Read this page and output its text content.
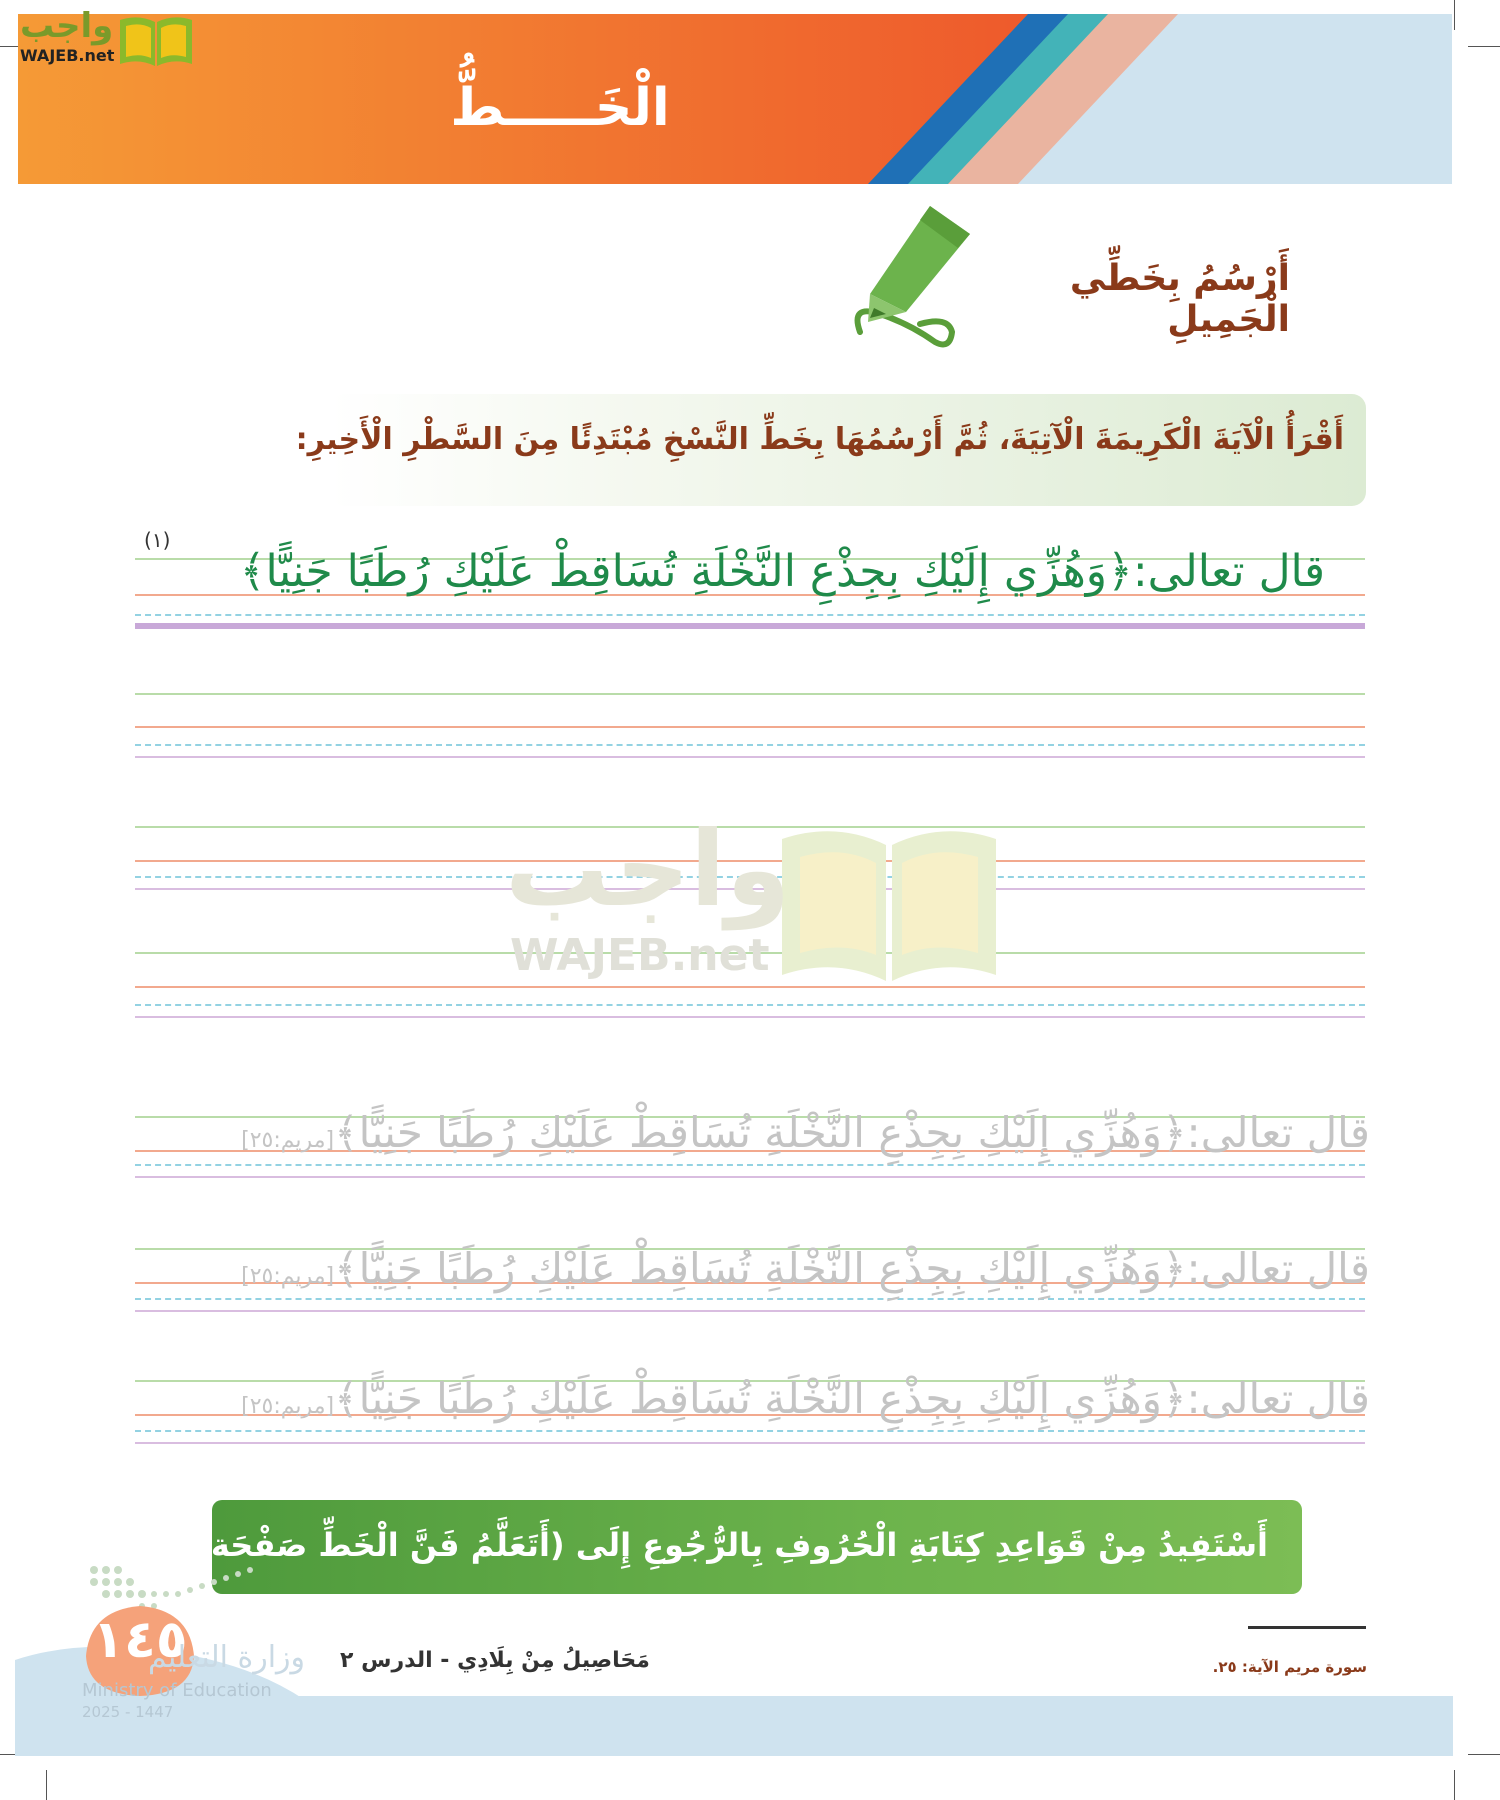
الْخَـــــطُّ
واجب
WAJEB.net
أَرْسُمُ بِخَطِّي الْجَمِيلِ
أَقْرَأُ الْآيَةَ الْكَرِيمَةَ الْآتِيَةَ، ثُمَّ أَرْسُمُهَا بِخَطِّ النَّسْخِ مُبْتَدِئًا مِنَ السَّطْرِ الْأَخِيرِ:
(١)
قال تعالى:﴿وَهُزِّي إِلَيْكِ بِجِذْعِ النَّخْلَةِ تُسَاقِطْ عَلَيْكِ رُطَبًا جَنِيًّا﴾
واجب
WAJEB.net
قال تعالى:﴿وَهُزِّي إِلَيْكِ بِجِذْعِ النَّخْلَةِ تُسَاقِطْ عَلَيْكِ رُطَبًا جَنِيًّا﴾[مريم:٢٥]
قال تعالى:﴿وَهُزِّي إِلَيْكِ بِجِذْعِ النَّخْلَةِ تُسَاقِطْ عَلَيْكِ رُطَبًا جَنِيًّا﴾[مريم:٢٥]
قال تعالى:﴿وَهُزِّي إِلَيْكِ بِجِذْعِ النَّخْلَةِ تُسَاقِطْ عَلَيْكِ رُطَبًا جَنِيًّا﴾[مريم:٢٥]
أَسْتَفِيدُ مِنْ قَوَاعِدِ كِتَابَةِ الْحُرُوفِ بِالرُّجُوعِ إِلَى (أَتَعَلَّمُ فَنَّ الْخَطِّ صَفْحَة ١٦).
١٤٥
وزارة التعليم
Ministry of Education
2025 - 1447
مَحَاصِيلُ مِنْ بِلَادِي - الدرس ٢	سورة مريم الآية: ٢٥.
